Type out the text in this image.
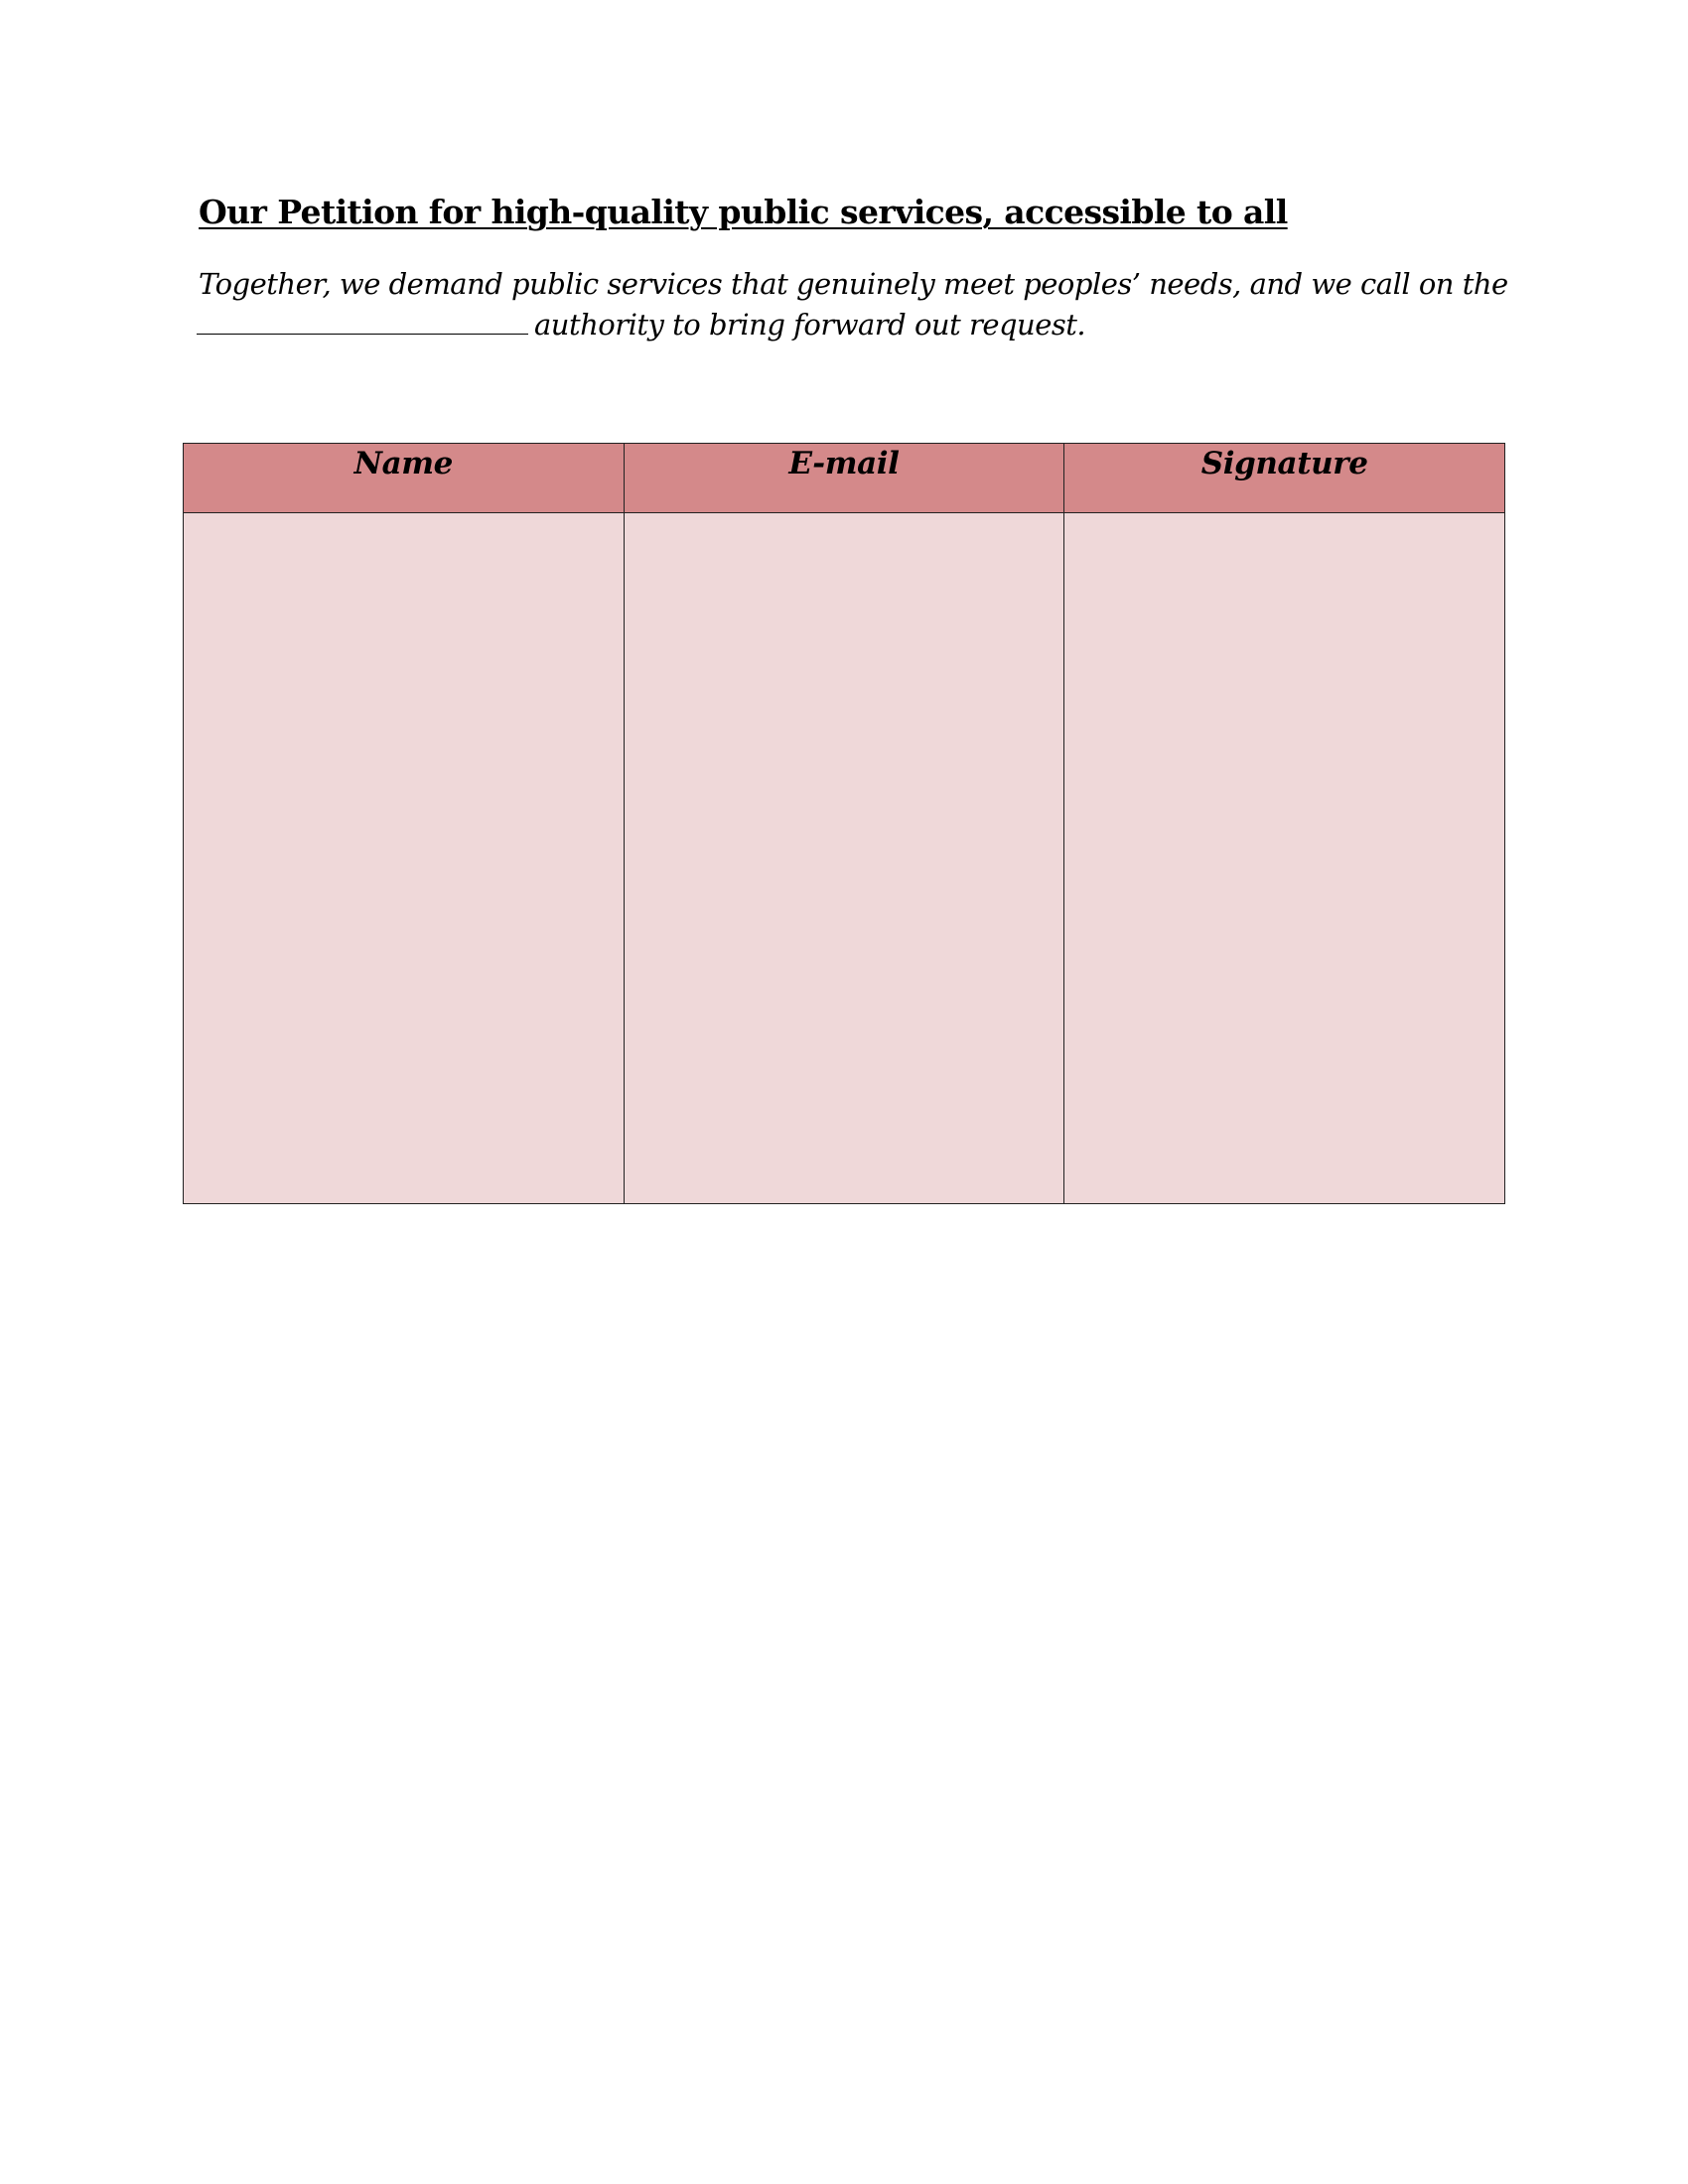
Our Petition for high-quality public services, accessible to all

Together, we demand public services that genuinely meet peoples’ needs, and we call on the
authority to bring forward out request.

Name	E-mail	Signature
